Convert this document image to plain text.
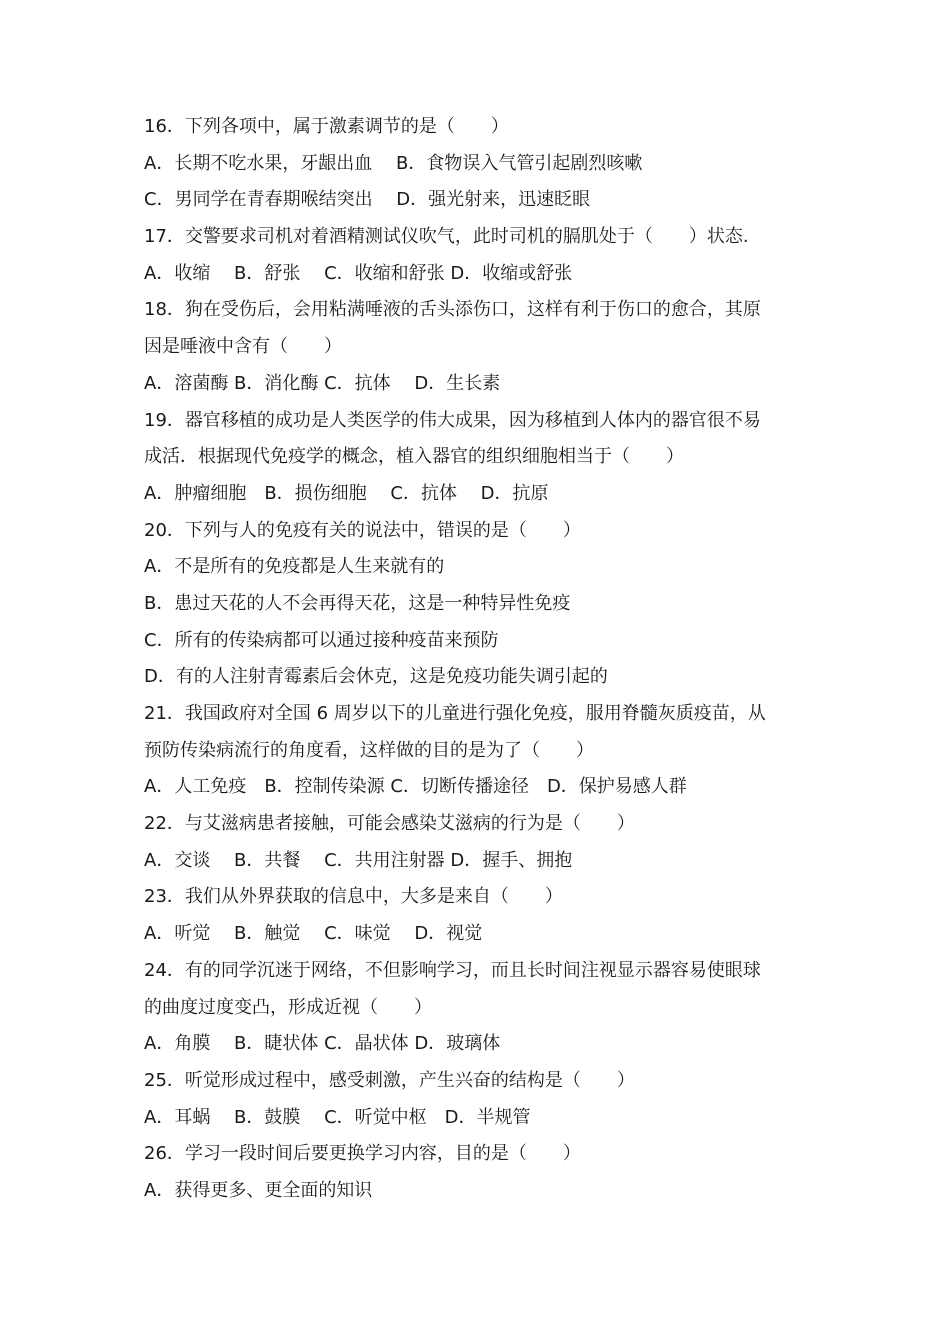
16．下列各项中，属于激素调节的是（　　）
A．长期不吃水果，牙龈出血　 B．食物误入气管引起剧烈咳嗽
C．男同学在青春期喉结突出　 D．强光射来，迅速眨眼
17．交警要求司机对着酒精测试仪吹气，此时司机的膈肌处于（　　）状态.
A．收缩　 B．舒张　 C．收缩和舒张 D．收缩或舒张
18．狗在受伤后，会用粘满唾液的舌头添伤口，这样有利于伤口的愈合，其原
因是唾液中含有（　　）
A．溶菌酶 B．消化酶 C．抗体　 D．生长素
19．器官移植的成功是人类医学的伟大成果，因为移植到人体内的器官很不易
成活．根据现代免疫学的概念，植入器官的组织细胞相当于（　　）
A．肿瘤细胞　B．损伤细胞　 C．抗体　 D．抗原
20．下列与人的免疫有关的说法中，错误的是（　　）
A．不是所有的免疫都是人生来就有的
B．患过天花的人不会再得天花，这是一种特异性免疫
C．所有的传染病都可以通过接种疫苗来预防
D．有的人注射青霉素后会休克，这是免疫功能失调引起的
21．我国政府对全国 6 周岁以下的儿童进行强化免疫，服用脊髓灰质疫苗，从
预防传染病流行的角度看，这样做的目的是为了（　　）
A．人工免疫　B．控制传染源 C．切断传播途径　D．保护易感人群
22．与艾滋病患者接触，可能会感染艾滋病的行为是（　　）
A．交谈　 B．共餐　 C．共用注射器 D．握手、拥抱
23．我们从外界获取的信息中，大多是来自（　　）
A．听觉　 B．触觉　 C．味觉　 D．视觉
24．有的同学沉迷于网络，不但影响学习，而且长时间注视显示器容易使眼球
的曲度过度变凸，形成近视（　　）
A．角膜　 B．睫状体 C．晶状体 D．玻璃体
25．听觉形成过程中，感受刺激，产生兴奋的结构是（　　）
A．耳蜗　 B．鼓膜　 C．听觉中枢　D．半规管
26．学习一段时间后要更换学习内容，目的是（　　）
A．获得更多、更全面的知识
